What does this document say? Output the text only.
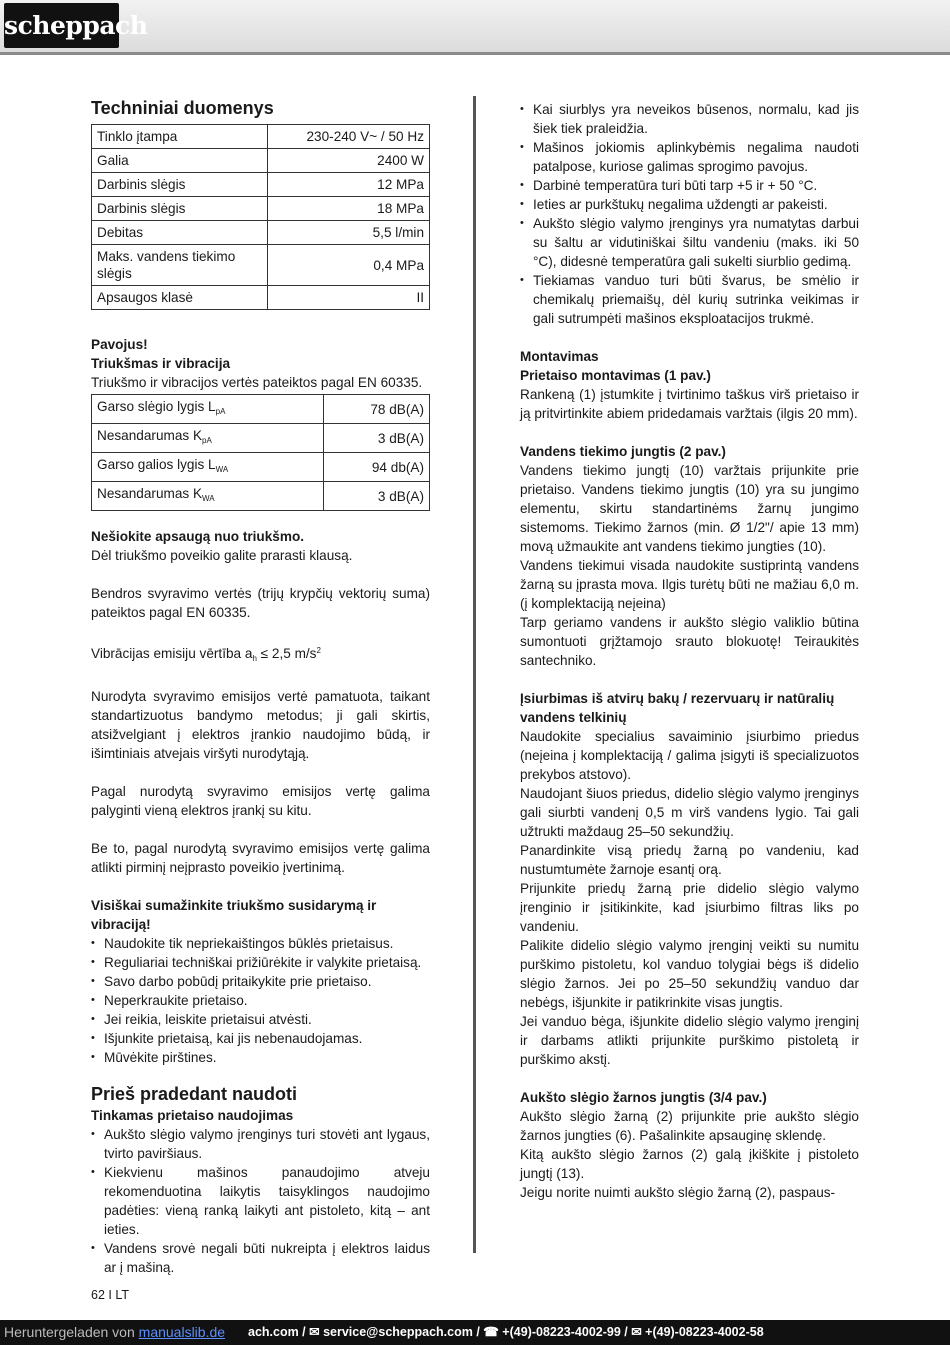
scheppach
Techniniai duomenys
Tinklo įtampa	230-240 V~ / 50 Hz
Galia	2400 W
Darbinis slėgis	12 MPa
Darbinis slėgis	18 MPa
Debitas	5,5 l/min
Maks. vandens tiekimo slėgis	0,4 MPa
Apsaugos klasė	II
Pavojus!
Triukšmas ir vibracija

Triukšmo ir vibracijos vertės pateiktos pagal EN 60335.

Garso slėgio lygis $L_{pA}$	78 dB(A)
Nesandarumas $K_{pA}$	3 dB(A)
Garso galios lygis $L_{WA}$	94 db(A)
Nesandarumas $K_{WA}$	3 dB(A)
Nešiokite apsaugą nuo triukšmo.

Dėl triukšmo poveikio galite prarasti klausą.

Bendros svyravimo vertės (trijų krypčių vektorių suma) pateiktos pagal EN 60335.

Vibrācijas emisiju vērtība $a_h \le 2,5$ $m/s^2$

Nurodyta svyravimo emisijos vertė pamatuota, taikant standartizuotus bandymo metodus; ji gali skirtis, atsižvelgiant į elektros įrankio naudojimo būdą, ir išimtiniais atvejais viršyti nurodytąją.

Pagal nurodytą svyravimo emisijos vertę galima palyginti vieną elektros įrankį su kitu.

Be to, pagal nurodytą svyravimo emisijos vertę galima atlikti pirminį neįprasto poveikio įvertinimą.

Visiškai sumažinkite triukšmo susidarymą ir vibraciją!
• Naudokite tik nepriekaištingos būklės prietaisus.
• Reguliariai techniškai prižiūrėkite ir valykite prietaisą.
• Savo darbo pobūdį pritaikykite prie prietaiso.
• Neperkraukite prietaiso.
• Jei reikia, leiskite prietaisui atvėsti.
• Išjunkite prietaisą, kai jis nebenaudojamas.
• Mūvėkite pirštines.
Prieš pradedant naudoti
Tinkamas prietaiso naudojimas
• Aukšto slėgio valymo įrenginys turi stovėti ant lygaus, tvirto paviršiaus.
• Kiekvienu mašinos panaudojimo atveju rekomenduotina laikytis taisyklingos naudojimo padėties: vieną ranką laikyti ant pistoleto, kitą – ant ieties.
• Vandens srovė negali būti nukreipta į elektros laidus ar į mašiną.
• Kai siurblys yra neveikos būsenos, normalu, kad jis šiek tiek praleidžia.
• Mašinos jokiomis aplinkybėmis negalima naudoti patalpose, kuriose galimas sprogimo pavojus.
• Darbinė temperatūra turi būti tarp +5 ir + 50 °C.
• Ieties ar purkštukų negalima uždengti ar pakeisti.
• Aukšto slėgio valymo įrenginys yra numatytas darbui su šaltu ar vidutiniškai šiltu vandeniu (maks. iki 50 °C), didesnė temperatūra gali sukelti siurblio gedimą.
• Tiekiamas vanduo turi būti švarus, be smėlio ir chemikalų priemaišų, dėl kurių sutrinka veikimas ir gali sutrumpėti mašinos eksploatacijos trukmė.
Montavimas
Prietaiso montavimas (1 pav.)

Rankeną (1) įstumkite į tvirtinimo taškus virš prietaiso ir ją pritvirtinkite abiem pridedamais varžtais (ilgis 20 mm).

Vandens tiekimo jungtis (2 pav.)

Vandens tiekimo jungtį (10) varžtais prijunkite prie prietaiso. Vandens tiekimo jungtis (10) yra su jungimo elementu, skirtu standartinėms žarnų jungimo sistemoms. Tiekimo žarnos (min. Ø 1/2"/ apie 13 mm) movą užmaukite ant vandens tiekimo jungties (10).

Vandens tiekimui visada naudokite sustiprintą vandens žarną su įprasta mova. Ilgis turėtų būti ne mažiau 6,0 m. (į komplektaciją neįeina)

Tarp geriamo vandens ir aukšto slėgio valiklio būtina sumontuoti grįžtamojo srauto blokuotę! Teiraukitės santechniko.

Įsiurbimas iš atvirų bakų / rezervuarų ir natūralių vandens telkinių

Naudokite specialius savaiminio įsiurbimo priedus (neįeina į komplektaciją / galima įsigyti iš specializuotos prekybos atstovo).

Naudojant šiuos priedus, didelio slėgio valymo įrenginys gali siurbti vandenį 0,5 m virš vandens lygio. Tai gali užtrukti maždaug 25–50 sekundžių.

Panardinkite visą priedų žarną po vandeniu, kad nustumtumėte žarnoje esantį orą.

Prijunkite priedų žarną prie didelio slėgio valymo įrenginio ir įsitikinkite, kad įsiurbimo filtras liks po vandeniu.

Palikite didelio slėgio valymo įrenginį veikti su numitu purškimo pistoletu, kol vanduo tolygiai bėgs iš didelio slėgio žarnos. Jei po 25–50 sekundžių vanduo dar nebėgs, išjunkite ir patikrinkite visas jungtis.

Jei vanduo bėga, išjunkite didelio slėgio valymo įrenginį ir darbams atlikti prijunkite purškimo pistoletą ir purškimo akstį.

Aukšto slėgio žarnos jungtis (3/4 pav.)

Aukšto slėgio žarną (2) prijunkite prie aukšto slėgio žarnos jungties (6). Pašalinkite apsauginę sklendę.

Kitą aukšto slėgio žarnos (2) galą įkiškite į pistoleto jungtį (13).

Jeigu norite nuimti aukšto slėgio žarną (2), paspaus-

62 I LT
ach.com / ✉ service@scheppach.com / ☎ +(49)-08223-4002-99 / ✉ +(49)-08223-4002-58
Heruntergeladen von manualslib.de
